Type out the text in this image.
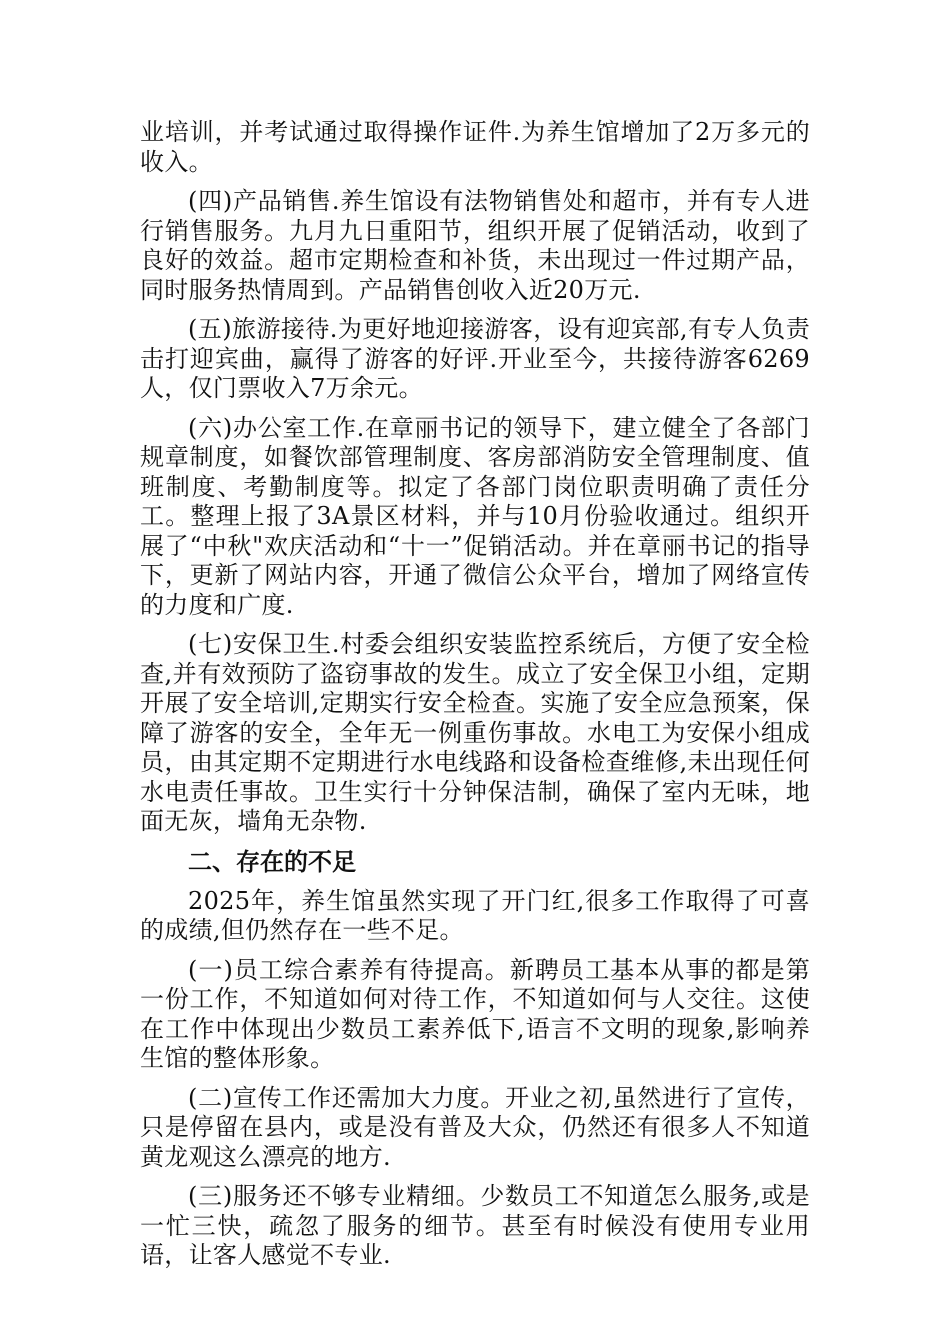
业培训，并考试通过取得操作证件.为养生馆增加了2万多元的收入。

(四)产品销售.养生馆设有法物销售处和超市，并有专人进行销售服务。九月九日重阳节，组织开展了促销活动，收到了良好的效益。超市定期检查和补货，未出现过一件过期产品，同时服务热情周到。产品销售创收入近20万元.

(五)旅游接待.为更好地迎接游客，设有迎宾部,有专人负责击打迎宾曲，赢得了游客的好评.开业至今，共接待游客6269人，仅门票收入7万余元。

(六)办公室工作.在章丽书记的领导下，建立健全了各部门规章制度，如餐饮部管理制度、客房部消防安全管理制度、值班制度、考勤制度等。拟定了各部门岗位职责明确了责任分工。整理上报了3A景区材料，并与10月份验收通过。组织开展了“中秋"欢庆活动和“十一”促销活动。并在章丽书记的指导下，更新了网站内容，开通了微信公众平台，增加了网络宣传的力度和广度.

(七)安保卫生.村委会组织安装监控系统后，方便了安全检查,并有效预防了盗窃事故的发生。成立了安全保卫小组，定期开展了安全培训,定期实行安全检查。实施了安全应急预案，保障了游客的安全，全年无一例重伤事故。水电工为安保小组成员，由其定期不定期进行水电线路和设备检查维修,未出现任何水电责任事故。卫生实行十分钟保洁制，确保了室内无味，地面无灰，墙角无杂物.

二、存在的不足

2025年，养生馆虽然实现了开门红,很多工作取得了可喜的成绩,但仍然存在一些不足。

(一)员工综合素养有待提高。新聘员工基本从事的都是第一份工作，不知道如何对待工作，不知道如何与人交往。这使在工作中体现出少数员工素养低下,语言不文明的现象,影响养生馆的整体形象。

(二)宣传工作还需加大力度。开业之初,虽然进行了宣传，只是停留在县内，或是没有普及大众，仍然还有很多人不知道黄龙观这么漂亮的地方.

(三)服务还不够专业精细。少数员工不知道怎么服务,或是一忙三快，疏忽了服务的细节。甚至有时候没有使用专业用语，让客人感觉不专业.
